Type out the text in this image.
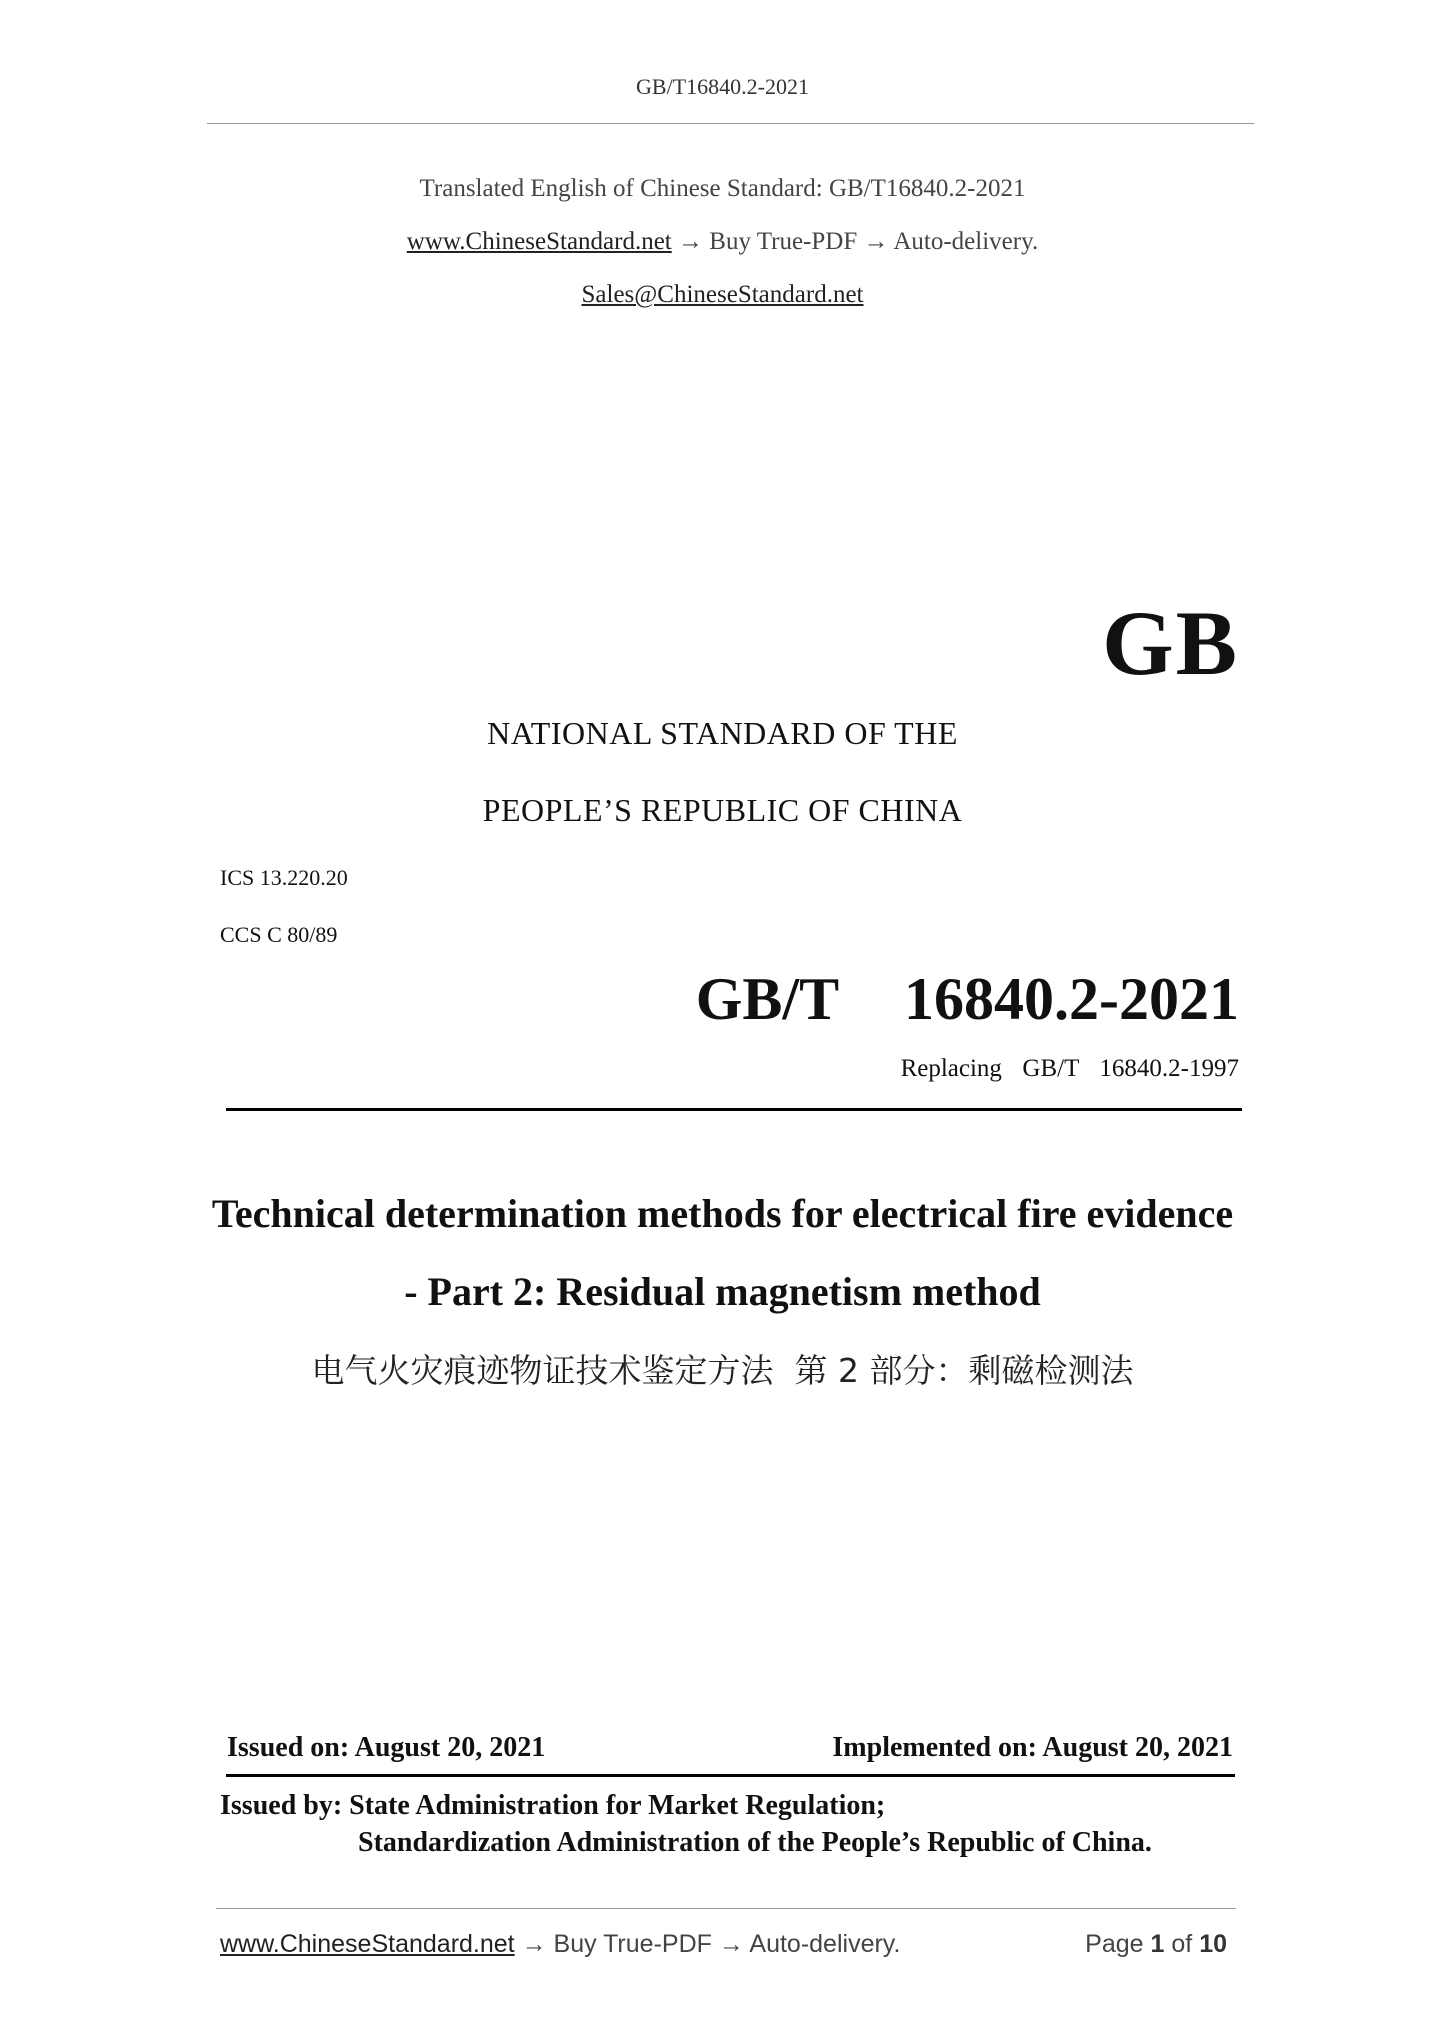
GB/T16840.2-2021
Translated English of Chinese Standard: GB/T16840.2-2021
www.ChineseStandard.net → Buy True-PDF → Auto-delivery.
Sales@ChineseStandard.net
GB
NATIONAL STANDARD OF THE
PEOPLE’S REPUBLIC OF CHINA
ICS 13.220.20
CCS C 80/89
GB/T  16840.2-2021
Replacing  GB/T  16840.2-1997
Technical determination methods for electrical fire evidence
- Part 2: Residual magnetism method
电气火灾痕迹物证技术鉴定方法  第 2 部分：剩磁检测法
Issued on: August 20, 2021	Implemented on: August 20, 2021
Issued by: State Administration for Market Regulation;
Standardization Administration of the People’s Republic of China.
www.ChineseStandard.net → Buy True-PDF → Auto-delivery.	Page 1 of 10
